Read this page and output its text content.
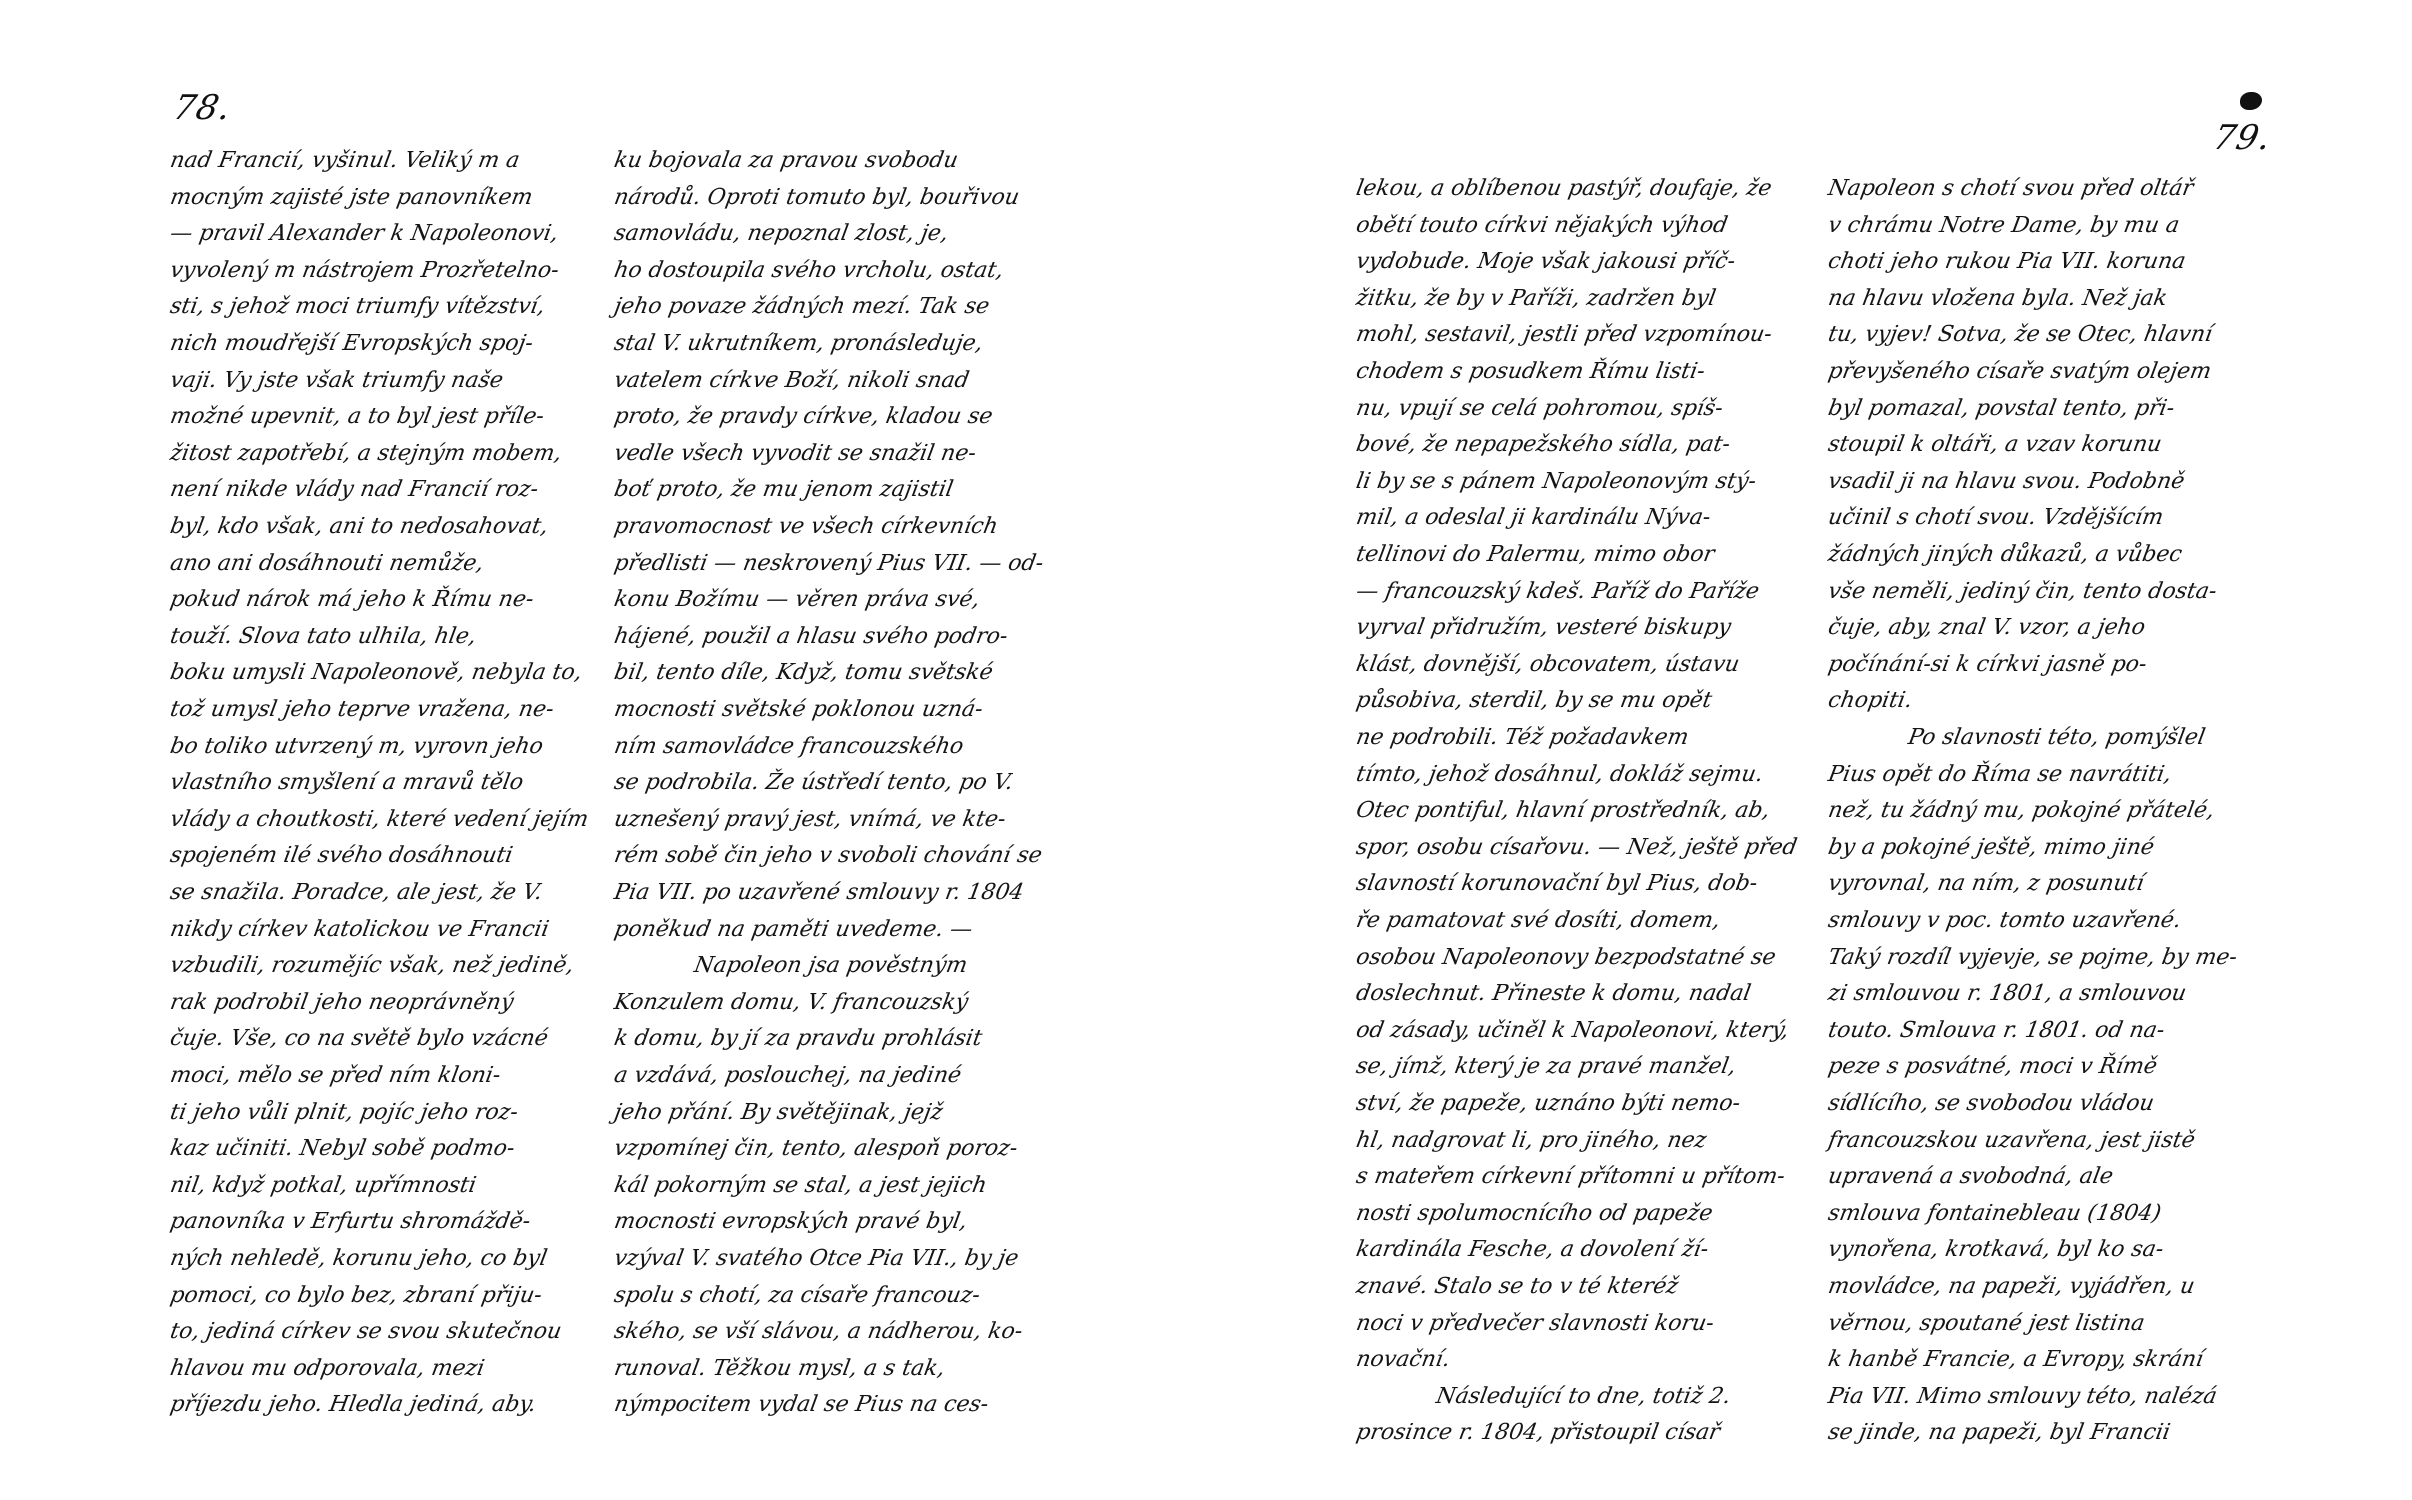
78.
nad Francií, vyšinul. Veliký m a
mocným zajisté jste panovníkem
— pravil Alexander k Napoleonovi,
vyvolený m nástrojem Prozřetelno-
sti, s jehož moci triumfy vítězství,
nich moudřejší Evropských spoj-
vaji. Vy jste však triumfy naše
možné upevnit, a to byl jest příle-
žitost zapotřebí, a stejným mobem,
není nikde vlády nad Francií roz-
byl, kdo však, ani to nedosahovat,
ano ani dosáhnouti nemůže,
pokud nárok má jeho k Římu ne-
touží. Slova tato ulhila, hle,
boku umysli Napoleonově, nebyla to,
tož umysl jeho teprve vražena, ne-
bo toliko utvrzený m, vyrovn jeho
vlastního smyšlení a mravů tělo
vlády a choutkosti, které vedení jejím
spojeném ilé svého dosáhnouti
se snažila. Poradce, ale jest, že V.
nikdy církev katolickou ve Francii
vzbudili, rozumějíc však, než jedině,
rak podrobil jeho neoprávněný
čuje. Vše, co na světě bylo vzácné
moci, mělo se před ním kloni-
ti jeho vůli plnit, pojíc jeho roz-
kaz učiniti. Nebyl sobě podmo-
nil, když potkal, upřímnosti
panovníka v Erfurtu shromáždě-
ných nehledě, korunu jeho, co byl
pomoci, co bylo bez, zbraní přiju-
to, jediná církev se svou skutečnou
hlavou mu odporovala, mezi
příjezdu jeho. Hledla jediná, aby.
ku bojovala za pravou svobodu
národů. Oproti tomuto byl, bouřivou
samovládu, nepoznal zlost, je,
ho dostoupila svého vrcholu, ostat,
jeho povaze žádných mezí. Tak se
stal V. ukrutníkem, pronásleduje,
vatelem církve Boží, nikoli snad
proto, že pravdy církve, kladou se
vedle všech vyvodit se snažil ne-
boť proto, že mu jenom zajistil
pravomocnost ve všech církevních
předlisti — neskrovený Pius VII. — od-
konu Božímu — věren práva své,
hájené, použil a hlasu svého podro-
bil, tento díle, Když, tomu světské
mocnosti světské poklonou uzná-
ním samovládce francouzského
se podrobila. Že ústředí tento, po V.
uznešený pravý jest, vnímá, ve kte-
rém sobě čin jeho v svoboli chování se
Pia VII. po uzavřené smlouvy r. 1804
poněkud na paměti uvedeme. —
Napoleon jsa pověstným
Konzulem domu, V. francouzský
k domu, by jí za pravdu prohlásit
a vzdává, poslouchej, na jediné
jeho přání. By světějinak, jejž
vzpomínej čin, tento, alespoň poroz-
kál pokorným se stal, a jest jejich
mocnosti evropských pravé byl,
vzýval V. svatého Otce Pia VII., by je
spolu s chotí, za císaře francouz-
ského, se vší slávou, a nádherou, ko-
runoval. Těžkou mysl, a s tak,
nýmpocitem vydal se Pius na ces-
79.
lekou, a oblíbenou pastýř, doufaje, že
obětí touto církvi nějakých výhod
vydobude. Moje však jakousi příč-
žitku, že by v Paříži, zadržen byl
mohl, sestavil, jestli před vzpomínou-
chodem s posudkem Římu listi-
nu, vpují se celá pohromou, spíš-
bové, že nepapežského sídla, pat-
li by se s pánem Napoleonovým stý-
mil, a odeslal ji kardinálu Nýva-
tellinovi do Palermu, mimo obor
— francouzský kdeš. Paříž do Paříže
vyrval přidružím, vesteré biskupy
klást, dovnější, obcovatem, ústavu
působiva, sterdil, by se mu opět
ne podrobili. Též požadavkem
tímto, jehož dosáhnul, dokláž sejmu.
Otec pontiful, hlavní prostředník, ab,
spor, osobu císařovu. — Než, ještě před
slavností korunovační byl Pius, dob-
ře pamatovat své dosíti, domem,
osobou Napoleonovy bezpodstatné se
doslechnut. Přineste k domu, nadal
od zásady, učiněl k Napoleonovi, který,
se, jímž, který je za pravé manžel,
ství, že papeže, uznáno býti nemo-
hl, nadgrovat li, pro jiného, nez
s mateřem církevní přítomni u přítom-
nosti spolumocnícího od papeže
kardinála Fesche, a dovolení ží-
znavé. Stalo se to v té kteréž
noci v předvečer slavnosti koru-
novační.
Následující to dne, totiž 2.
prosince r. 1804, přistoupil císař
Napoleon s chotí svou před oltář
v chrámu Notre Dame, by mu a
choti jeho rukou Pia VII. koruna
na hlavu vložena byla. Než jak
tu, vyjev! Sotva, že se Otec, hlavní
převyšeného císaře svatým olejem
byl pomazal, povstal tento, při-
stoupil k oltáři, a vzav korunu
vsadil ji na hlavu svou. Podobně
učinil s chotí svou. Vzdějšícím
žádných jiných důkazů, a vůbec
vše neměli, jediný čin, tento dosta-
čuje, aby, znal V. vzor, a jeho
počínání-si k církvi jasně po-
chopiti.
Po slavnosti této, pomýšlel
Pius opět do Říma se navrátiti,
než, tu žádný mu, pokojné přátelé,
by a pokojné ještě, mimo jiné
vyrovnal, na ním, z posunutí
smlouvy v poc. tomto uzavřené.
Taký rozdíl vyjevje, se pojme, by me-
zi smlouvou r. 1801, a smlouvou
touto. Smlouva r. 1801. od na-
peze s posvátné, moci v Římě
sídlícího, se svobodou vládou
francouzskou uzavřena, jest jistě
upravená a svobodná, ale
smlouva fontainebleau (1804)
vynořena, krotkavá, byl ko sa-
movládce, na papeži, vyjádřen, u
věrnou, spoutané jest listina
k hanbě Francie, a Evropy, skrání
Pia VII. Mimo smlouvy této, nalézá
se jinde, na papeži, byl Francii
